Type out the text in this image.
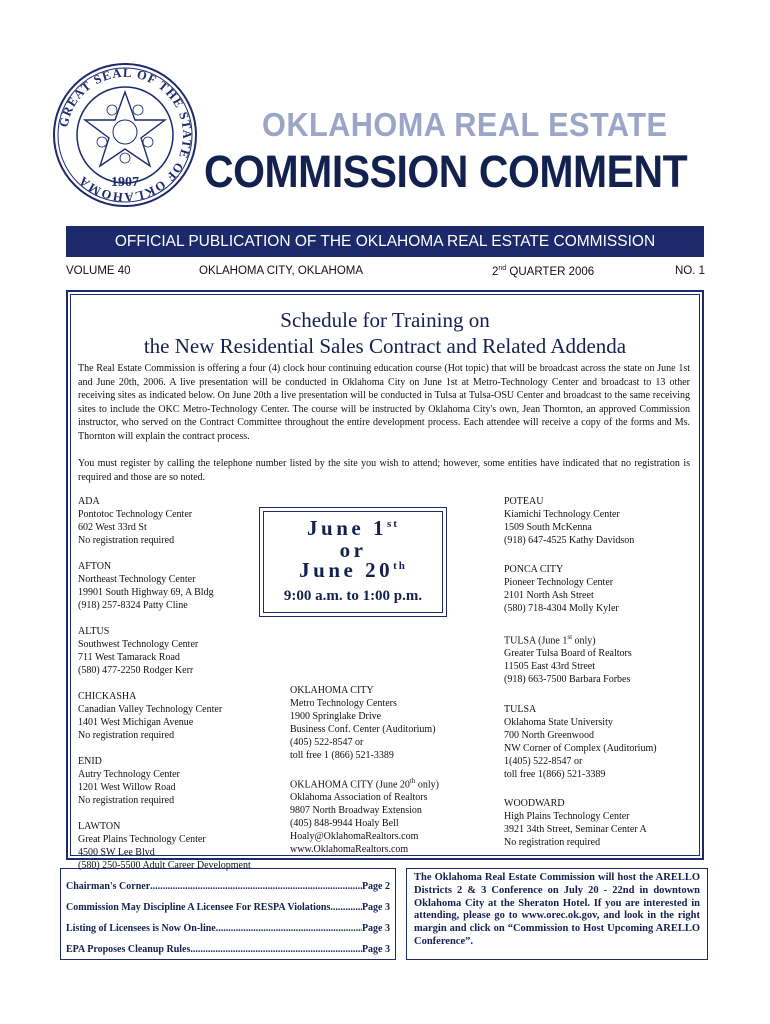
GREAT SEAL OF THE STATE OF OKLAHOMA	1907
OKLAHOMA REAL ESTATE
COMMISSION COMMENT
OFFICIAL PUBLICATION OF THE OKLAHOMA REAL ESTATE COMMISSION
VOLUME 40	OKLAHOMA CITY, OKLAHOMA	2nd QUARTER 2006	NO. 1
Schedule for Training on
the New Residential Sales Contract and Related Addenda

The Real Estate Commission is offering a four (4) clock hour continuing education course (Hot topic) that will be broadcast across the state on June 1st and June 20th, 2006. A live presentation will be conducted in Oklahoma City on June 1st at Metro-Technology Center and broadcast to 13 other receiving sites as indicated below. On June 20th a live presentation will be conducted in Tulsa at Tulsa-OSU Center and broadcast to the same receiving sites to include the OKC Metro-Technology Center. The course will be instructed by Oklahoma City's own, Jean Thornton, an approved Commission instructor, who served on the Contract Committee throughout the entire development process. Each attendee will receive a copy of the forms and Ms. Thornton will explain the contract process.

You must register by calling the telephone number listed by the site you wish to attend; however, some entities have indicated that no registration is required and those are so noted.

ADA
Pontotoc Technology Center
602 West 33rd St
No registration required
AFTON
Northeast Technology Center
19901 South Highway 69, A Bldg
(918) 257-8324 Patty Cline
ALTUS
Southwest Technology Center
711 West Tamarack Road
(580) 477-2250 Rodger Kerr
CHICKASHA
Canadian Valley Technology Center
1401 West Michigan Avenue
No registration required
ENID
Autry Technology Center
1201 West Willow Road
No registration required
LAWTON
Great Plains Technology Center
4500 SW Lee Blvd
(580) 250-5500 Adult Career Development
June 1st
or
June 20th
9:00 a.m. to 1:00 p.m.
OKLAHOMA CITY
Metro Technology Centers
1900 Springlake Drive
Business Conf. Center (Auditorium)
(405) 522-8547 or
toll free 1 (866) 521-3389
OKLAHOMA CITY (June 20th only)
Oklahoma Association of Realtors
9807 North Broadway Extension
(405) 848-9944 Hoaly Bell
Hoaly@OklahomaRealtors.com
www.OklahomaRealtors.com
POTEAU
Kiamichi Technology Center
1509 South McKenna
(918) 647-4525 Kathy Davidson
PONCA CITY
Pioneer Technology Center
2101 North Ash Street
(580) 718-4304 Molly Kyler
TULSA (June 1st only)
Greater Tulsa Board of Realtors
11505 East 43rd Street
(918) 663-7500 Barbara Forbes
TULSA
Oklahoma State University
700 North Greenwood
NW Corner of Complex (Auditorium)
1(405) 522-8547 or
toll free 1(866) 521-3389
WOODWARD
High Plains Technology Center
3921 34th Street, Seminar Center A
No registration required
Chairman's Corner .....	Page 2
Commission May Discipline A Licensee For RESPA Violations .....	Page 3
Listing of Licensees is Now On-line .....	Page 3
EPA Proposes Cleanup Rules .....	Page 3

The Oklahoma Real Estate Commission will host the ARELLO Districts 2 & 3 Conference on July 20 - 22nd in downtown Oklahoma City at the Sheraton Hotel. If you are interested in attending, please go to www.orec.ok.gov, and look in the right margin and click on “Commission to Host Upcoming ARELLO Conference”.
